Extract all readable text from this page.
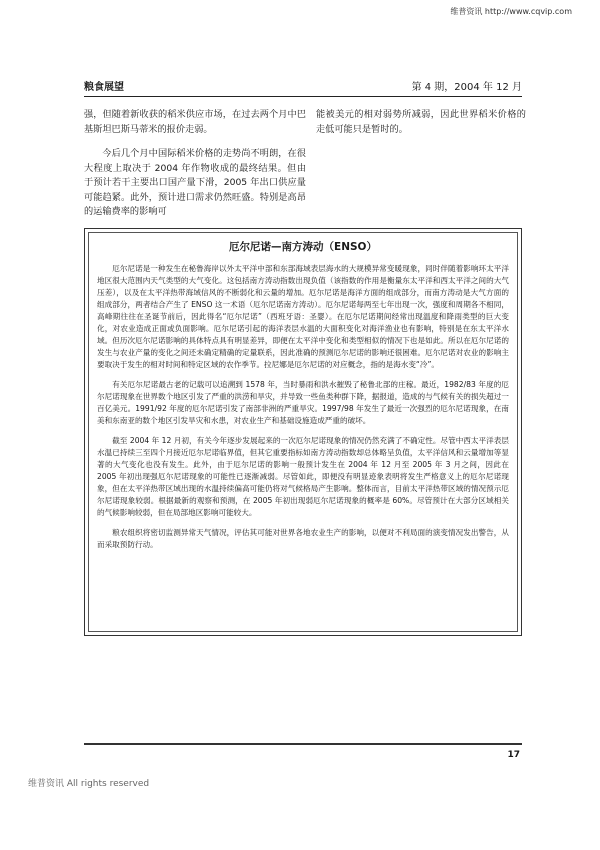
维普资讯 http://www.cqvip.com
粮食展望	第 4 期，2004 年 12 月

强，但随着新收获的稻米供应市场，在过去两个月中巴基斯坦巴斯马蒂米的报价走弱。

今后几个月中国际稻米价格的走势尚不明朗，在很大程度上取决于 2004 年作物收成的最终结果。但由于预计若干主要出口国产量下滑，2005 年出口供应量可能趋紧。此外，预计进口需求仍然旺盛。特别是高昂的运输费率的影响可

能被美元的相对弱势所减弱，因此世界稻米价格的走低可能只是暂时的。

厄尔尼诺—南方涛动（ENSO）

厄尔尼诺是一种发生在秘鲁海岸以外太平洋中部和东部海域表层海水的大规模异常变暖现象，同时伴随着影响环太平洋地区很大范围内天气类型的大气变化。这包括南方涛动指数出现负值（该指数的作用是衡量东太平洋和西太平洋之间的大气压差），以及在太平洋热带海域信风的不断弱化和云量的增加。厄尔尼诺是海洋方面的组成部分，而南方涛动是大气方面的组成部分，两者结合产生了 ENSO 这一术语（厄尔尼诺南方涛动）。厄尔尼诺每两至七年出现一次，强度和周期各不相同，高峰期往往在圣诞节前后，因此得名“厄尔尼诺”（西班牙语：圣婴）。在厄尔尼诺期间经常出现温度和降雨类型的巨大变化，对农业造成正面或负面影响。厄尔尼诺引起的海洋表层水温的大面积变化对海洋渔业也有影响，特别是在东太平洋水域。但历次厄尔尼诺影响的具体特点具有明显差异，即便在太平洋中变化和类型相似的情况下也是如此。所以在厄尔尼诺的发生与农业产量的变化之间还未确定精确的定量联系，因此准确的预测厄尔尼诺的影响还很困难。厄尔尼诺对农业的影响主要取决于发生的相对时间和特定区域的农作季节。拉尼娜是厄尔尼诺的对应概念，指的是海水变“冷”。

有关厄尔尼诺最古老的记载可以追溯到 1578 年，当时暴雨和洪水摧毁了秘鲁北部的庄稼。最近，1982/83 年度的厄尔尼诺现象在世界数个地区引发了严重的洪涝和旱灾，并导致一些鱼类种群下降，据报道，造成的与气候有关的损失超过一百亿美元。1991/92 年度的厄尔尼诺引发了南部非洲的严重旱灾。1997/98 年发生了最近一次强烈的厄尔尼诺现象，在南美和东南亚的数个地区引发旱灾和水患，对农业生产和基础设施造成严重的破坏。

截至 2004 年 12 月初，有关今年逐步发展起来的一次厄尔尼诺现象的情况仍然充满了不确定性。尽管中西太平洋表层水温已持续三至四个月接近厄尔尼诺临界值，但其它重要指标如南方涛动指数却总体略呈负值，太平洋信风和云量增加等显著的大气变化也没有发生。此外，由于厄尔尼诺的影响一般预计发生在 2004 年 12 月至 2005 年 3 月之间，因此在 2005 年初出现强厄尔尼诺现象的可能性已逐渐减弱。尽管如此，即便没有明显迹象表明将发生严格意义上的厄尔尼诺现象，但在太平洋热带区域出现的水温持续偏高可能仍将对气候格局产生影响。整体而言，目前太平洋热带区域的情况预示厄尔尼诺现象较弱。根据最新的观察和预测，在 2005 年初出现弱厄尔尼诺现象的概率是 60%。尽管预计在大部分区域相关的气候影响较弱，但在局部地区影响可能较大。

粮农组织将密切监测异常天气情况，评估其可能对世界各地农业生产的影响，以便对不利局面的演变情况发出警告，从而采取预防行动。

17
维普资讯 All rights reserved
